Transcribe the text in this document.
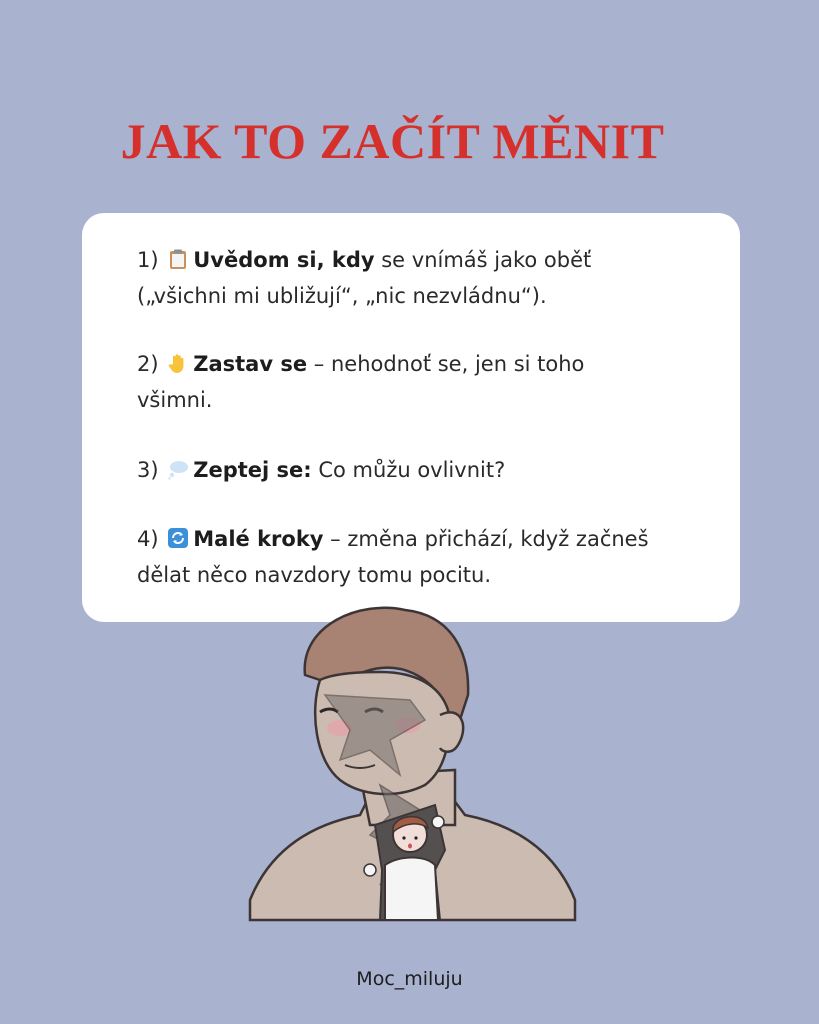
JAK TO ZAČÍT MĚNIT
1) Uvědom si, kdy se vnímáš jako oběť („všichni mi ubližují“, „nic nezvládnu“).
2) Zastav se – nehodnoť se, jen si toho všimni.
3) Zeptej se: Co můžu ovlivnit?
4) Malé kroky – změna přichází, když začneš dělat něco navzdory tomu pocitu.
Moc_miluju
